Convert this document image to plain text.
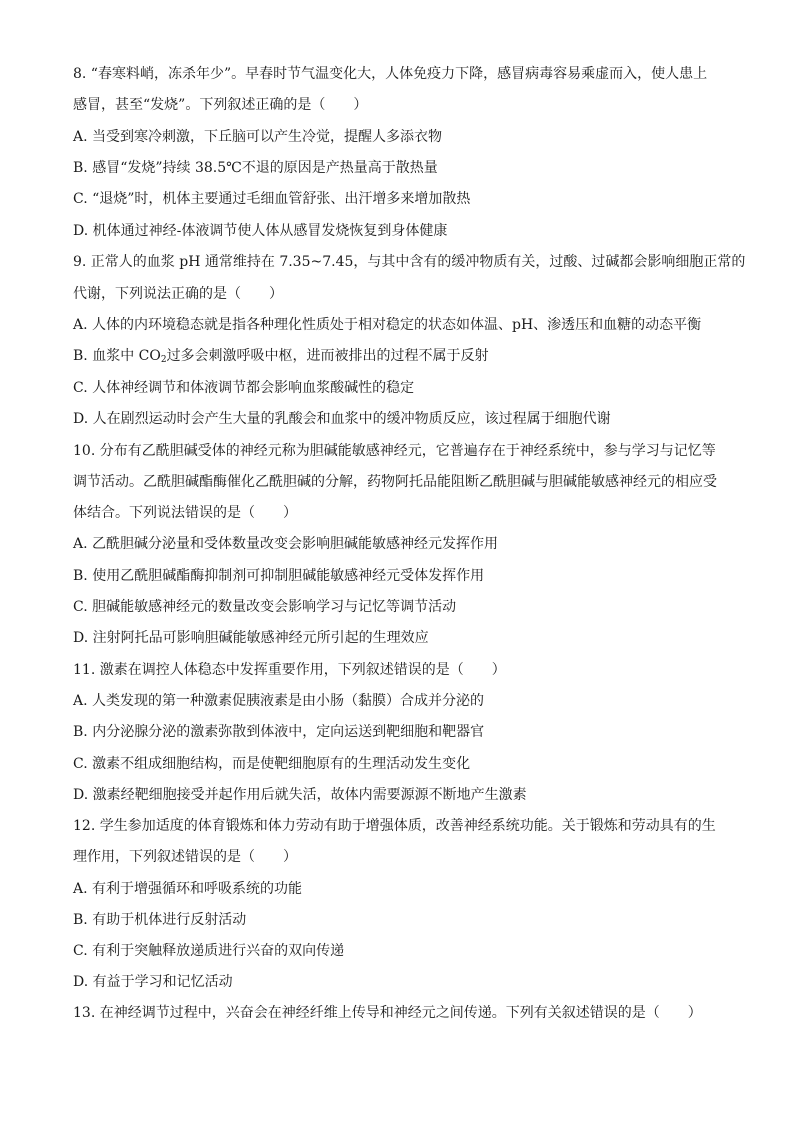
8. “春寒料峭，冻杀年少”。早春时节气温变化大，人体免疫力下降，感冒病毒容易乘虚而入，使人患上
感冒，甚至“发烧”。下列叙述正确的是（　　）
A. 当受到寒冷刺激，下丘脑可以产生冷觉，提醒人多添衣物
B. 感冒“发烧”持续 38.5℃不退的原因是产热量高于散热量
C. “退烧”时，机体主要通过毛细血管舒张、出汗增多来增加散热
D. 机体通过神经-体液调节使人体从感冒发烧恢复到身体健康
9. 正常人的血浆 pH 通常维持在 7.35~7.45，与其中含有的缓冲物质有关，过酸、过碱都会影响细胞正常的
代谢，下列说法正确的是（　　）
A. 人体的内环境稳态就是指各种理化性质处于相对稳定的状态如体温、pH、渗透压和血糖的动态平衡
B. 血浆中 $CO_2$过多会刺激呼吸中枢，进而被排出的过程不属于反射
C. 人体神经调节和体液调节都会影响血浆酸碱性的稳定
D. 人在剧烈运动时会产生大量的乳酸会和血浆中的缓冲物质反应，该过程属于细胞代谢
10. 分布有乙酰胆碱受体的神经元称为胆碱能敏感神经元，它普遍存在于神经系统中，参与学习与记忆等
调节活动。乙酰胆碱酯酶催化乙酰胆碱的分解，药物阿托品能阻断乙酰胆碱与胆碱能敏感神经元的相应受
体结合。下列说法错误的是（　　）
A. 乙酰胆碱分泌量和受体数量改变会影响胆碱能敏感神经元发挥作用
B. 使用乙酰胆碱酯酶抑制剂可抑制胆碱能敏感神经元受体发挥作用
C. 胆碱能敏感神经元的数量改变会影响学习与记忆等调节活动
D. 注射阿托品可影响胆碱能敏感神经元所引起的生理效应
11. 激素在调控人体稳态中发挥重要作用，下列叙述错误的是（　　）
A. 人类发现的第一种激素促胰液素是由小肠（黏膜）合成并分泌的
B. 内分泌腺分泌的激素弥散到体液中，定向运送到靶细胞和靶器官
C. 激素不组成细胞结构，而是使靶细胞原有的生理活动发生变化
D. 激素经靶细胞接受并起作用后就失活，故体内需要源源不断地产生激素
12. 学生参加适度的体育锻炼和体力劳动有助于增强体质，改善神经系统功能。关于锻炼和劳动具有的生
理作用，下列叙述错误的是（　　）
A. 有利于增强循环和呼吸系统的功能
B. 有助于机体进行反射活动
C. 有利于突触释放递质进行兴奋的双向传递
D. 有益于学习和记忆活动
13. 在神经调节过程中，兴奋会在神经纤维上传导和神经元之间传递。下列有关叙述错误的是（　　）
